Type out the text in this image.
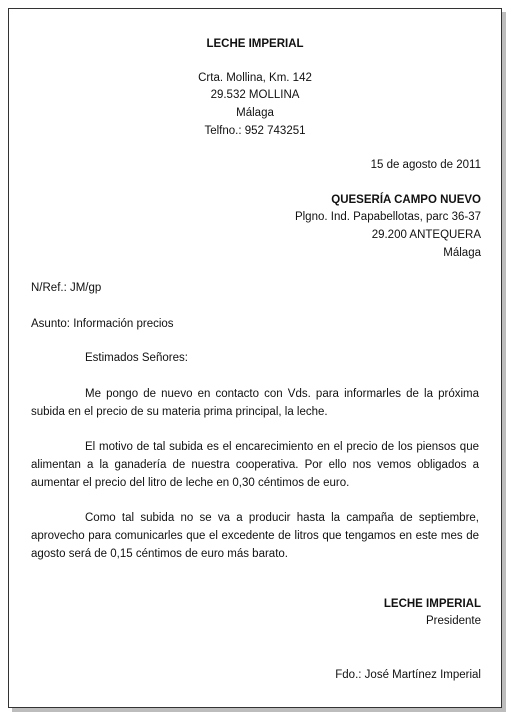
LECHE IMPERIAL
Crta. Mollina, Km. 142
29.532 MOLLINA
Málaga
Telfno.: 952 743251
15 de agosto de 2011
QUESERÍA CAMPO NUEVO
Plgno. Ind. Papabellotas, parc 36-37
29.200 ANTEQUERA
Málaga
N/Ref.: JM/gp
Asunto: Información precios
Estimados Señores:
Me pongo de nuevo en contacto con Vds. para informarles de la próxima subida en el precio de su materia prima principal, la leche.
El motivo de tal subida es el encarecimiento en el precio de los piensos que alimentan a la ganadería de nuestra cooperativa. Por ello nos vemos obligados a aumentar el precio del litro de leche en 0,30 céntimos de euro.
Como tal subida no se va a producir hasta la campaña de septiembre, aprovecho para comunicarles que el excedente de litros que tengamos en este mes de agosto será de 0,15 céntimos de euro más barato.
LECHE IMPERIAL
Presidente
Fdo.: José Martínez Imperial
